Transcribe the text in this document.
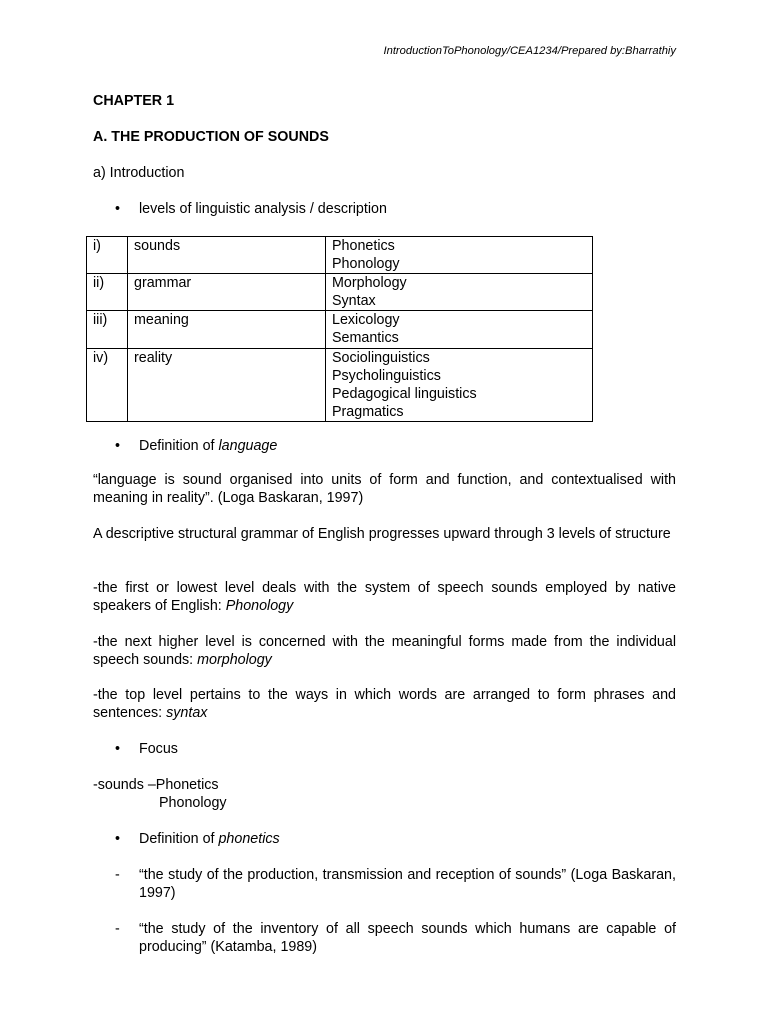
IntroductionToPhonology/CEA1234/Prepared by:Bharrathiy
CHAPTER 1
A. THE PRODUCTION OF SOUNDS
a) Introduction
• levels of linguistic analysis / description
i)	sounds	Phonetics
Phonology

ii)	grammar	Morphology
Syntax

iii)	meaning	Lexicology
Semantics

iv)	reality	Sociolinguistics
Psycholinguistics
Pedagogical linguistics
Pragmatics
• Definition of language
“language is sound organised into units of form and function, and contextualised with meaning in reality”. (Loga Baskaran, 1997)
A descriptive structural grammar of English progresses upward through 3 levels of structure
-the first or lowest level deals with the system of speech sounds employed by native speakers of English: Phonology
-the next higher level is concerned with the meaningful forms made from the individual speech sounds: morphology
-the top level pertains to the ways in which words are arranged to form phrases and sentences: syntax
• Focus
-sounds –Phonetics
Phonology
• Definition of phonetics
- “the study of the production, transmission and reception of sounds” (Loga Baskaran, 1997)
- “the study of the inventory of all speech sounds which humans are capable of producing” (Katamba, 1989)
